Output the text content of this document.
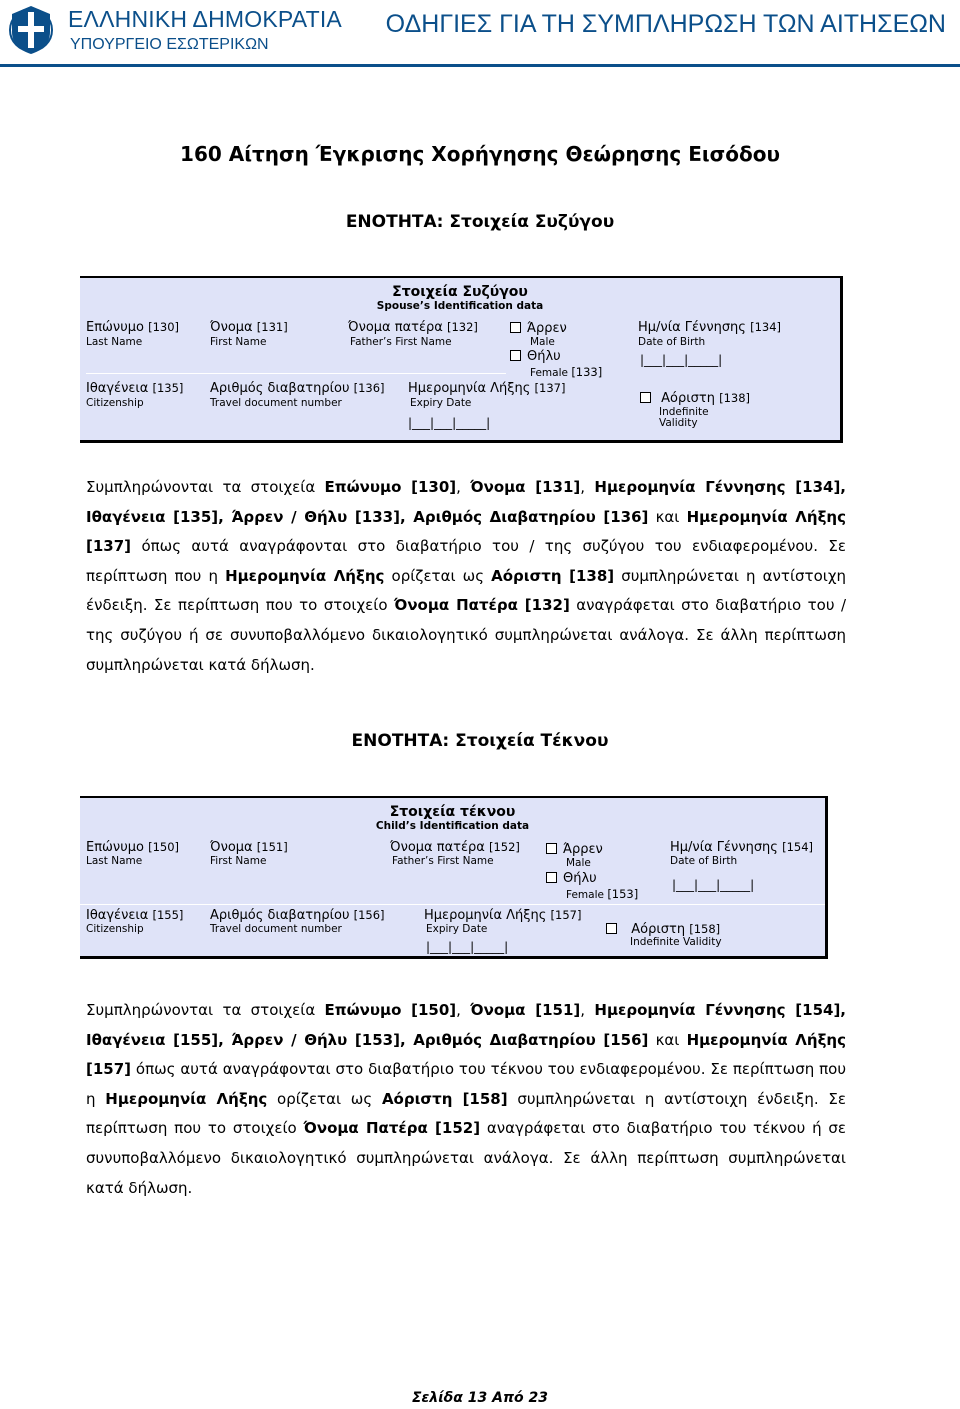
ΕΛΛΗΝΙΚΗ ΔΗΜΟΚΡΑΤΙΑ
ΥΠΟΥΡΓΕΙΟ ΕΣΩΤΕΡΙΚΩΝ
ΟΔΗΓΙΕΣ ΓΙΑ ΤΗ ΣΥΜΠΛΗΡΩΣΗ ΤΩΝ ΑΙΤΗΣΕΩΝ
160 Αίτηση Έγκρισης Χορήγησης Θεώρησης Εισόδου
ΕΝΟΤΗΤΑ: Στοιχεία Συζύγου
Στοιχεία Συζύγου
Spouse’s Identification data
Επώνυμο [130]
Last Name
Όνομα [131]
First Name
Όνομα πατέρα [132]
Father’s First Name
Άρρεν
Male
Θήλυ
Female [133]
Ημ/νία Γέννησης [134]
Date of Birth
|___|___|_____|
Ιθαγένεια [135]
Citizenship
Αριθμός διαβατηρίου [136]
Travel document number
Ημερομηνία Λήξης [137]
Expiry Date
|___|___|_____|
Αόριστη [138]
Indefinite
Validity
Συμπληρώνονται τα στοιχεία Επώνυμο [130], Όνομα [131], Ημερομηνία Γέννησης [134], Ιθαγένεια [135], Άρρεν / Θήλυ [133], Αριθμός Διαβατηρίου [136] και Ημερομηνία Λήξης [137] όπως αυτά αναγράφονται στο διαβατήριο του / της συζύγου του ενδιαφερομένου. Σε περίπτωση που η Ημερομηνία Λήξης ορίζεται ως Αόριστη [138] συμπληρώνεται η αντίστοιχη ένδειξη. Σε περίπτωση που το στοιχείο Όνομα Πατέρα [132] αναγράφεται στο διαβατήριο του / της συζύγου ή σε συνυποβαλλόμενο δικαιολογητικό συμπληρώνεται ανάλογα. Σε άλλη περίπτωση συμπληρώνεται κατά δήλωση.
ΕΝΟΤΗΤΑ: Στοιχεία Τέκνου
Στοιχεία τέκνου
Child’s Identification data
Επώνυμο [150]
Last Name
Όνομα [151]
First Name
Όνομα πατέρα [152]
Father’s First Name
Άρρεν
Male
Θήλυ
Female [153]
Ημ/νία Γέννησης [154]
Date of Birth
|___|___|_____|
Ιθαγένεια [155]
Citizenship
Αριθμός διαβατηρίου [156]
Travel document number
Ημερομηνία Λήξης [157]
Expiry Date
|___|___|_____|
Αόριστη [158]
Indefinite Validity
Συμπληρώνονται τα στοιχεία Επώνυμο [150], Όνομα [151], Ημερομηνία Γέννησης [154], Ιθαγένεια [155], Άρρεν / Θήλυ [153], Αριθμός Διαβατηρίου [156] και Ημερομηνία Λήξης [157] όπως αυτά αναγράφονται στο διαβατήριο του τέκνου του ενδιαφερομένου. Σε περίπτωση που η Ημερομηνία Λήξης ορίζεται ως Αόριστη [158] συμπληρώνεται η αντίστοιχη ένδειξη. Σε περίπτωση που το στοιχείο Όνομα Πατέρα [152] αναγράφεται στο διαβατήριο του τέκνου ή σε συνυποβαλλόμενο δικαιολογητικό συμπληρώνεται ανάλογα. Σε άλλη περίπτωση συμπληρώνεται κατά δήλωση.
Σελίδα 13 Από 23
